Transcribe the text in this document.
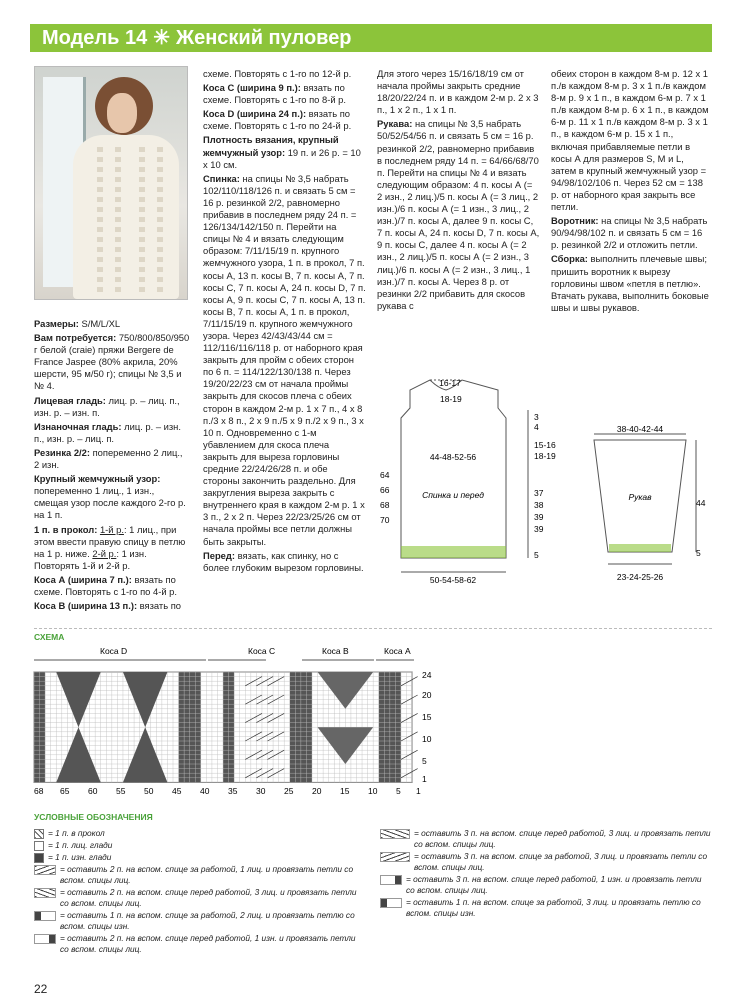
Модель 14 ✳ Женский пуловер

Размеры: S/M/L/XL

Вам потребуется: 750/800/850/950 г белой (craie) пряжи Bergere de France Jaspee (80% акрила, 20% шерсти, 95 м/50 г); спицы № 3,5 и № 4.

Лицевая гладь: лиц. р. – лиц. п., изн. р. – изн. п.

Изнаночная гладь: лиц. р. – изн. п., изн. р. – лиц. п.

Резинка 2/2: попеременно 2 лиц., 2 изн.

Крупный жемчужный узор: попеременно 1 лиц., 1 изн., смещая узор после каждого 2-го р. на 1 п.

1 п. в прокол: 1-й р.: 1 лиц., при этом ввести правую спицу в петлю на 1 р. ниже. 2-й р.: 1 изн. Повторять 1-й и 2-й р.

Коса А (ширина 7 п.): вязать по схеме. Повторять с 1-го по 4-й р.

Коса В (ширина 13 п.): вязать по

схеме. Повторять с 1-го по 12-й р.

Коса С (ширина 9 п.): вязать по схеме. Повторять с 1-го по 8-й р.

Коса D (ширина 24 п.): вязать по схеме. Повторять с 1-го по 24-й р.

Плотность вязания, крупный жемчужный узор: 19 п. и 26 р. = 10 х 10 см.

Спинка: на спицы № 3,5 набрать 102/110/118/126 п. и связать 5 см = 16 р. резинкой 2/2, равномерно прибавив в последнем ряду 24 п. = 126/134/142/150 п. Перейти на спицы № 4 и вязать следующим образом: 7/11/15/19 п. крупного жемчужного узора, 1 п. в прокол, 7 п. косы А, 13 п. косы В, 7 п. косы А, 7 п. косы С, 7 п. косы А, 24 п. косы D, 7 п. косы А, 9 п. косы С, 7 п. косы А, 13 п. косы В, 7 п. косы А, 1 п. в прокол, 7/11/15/19 п. крупного жемчужного узора. Через 42/43/43/44 см = 112/116/116/118 р. от наборного края закрыть для пройм с обеих сторон по 6 п. = 114/122/130/138 п. Через 19/20/22/23 см от начала проймы закрыть для скосов плеча с обеих сторон в каждом 2-м р. 1 х 7 п., 4 х 8 п./3 х 8 п., 2 х 9 п./5 х 9 п./2 х 9 п., 3 х 10 п. Одновременно с 1-м убавлением для скоса плеча закрыть для выреза горловины средние 22/24/26/28 п. и обе стороны закончить раздельно. Для закругления выреза закрыть с внутреннего края в каждом 2-м р. 1 х 3 п., 2 х 2 п. Через 22/23/25/26 см от начала проймы все петли должны быть закрыты.

Перед: вязать, как спинку, но с более глубоким вырезом горловины.

Для этого через 15/16/18/19 см от начала проймы закрыть средние 18/20/22/24 п. и в каждом 2-м р. 2 х 3 п., 1 х 2 п., 1 х 1 п.

Рукава: на спицы № 3,5 набрать 50/52/54/56 п. и связать 5 см = 16 р. резинкой 2/2, равномерно прибавив в последнем ряду 14 п. = 64/66/68/70 п. Перейти на спицы № 4 и вязать следующим образом: 4 п. косы А (= 2 изн., 2 лиц.)/5 п. косы А (= 3 лиц., 2 изн.)/6 п. косы А (= 1 изн., 3 лиц., 2 изн.)/7 п. косы А, далее 9 п. косы С, 7 п. косы А, 24 п. косы D, 7 п. косы А, 9 п. косы С, далее 4 п. косы А (= 2 изн., 2 лиц.)/5 п. косы А (= 2 изн., 3 лиц.)/6 п. косы А (= 2 изн., 3 лиц., 1 изн.)/7 п. косы А. Через 8 р. от резинки 2/2 прибавить для скосов рукава с

обеих сторон в каждом 8-м р. 12 х 1 п./в каждом 8-м р. 3 х 1 п./в каждом 8-м р. 9 х 1 п., в каждом 6-м р. 7 х 1 п./в каждом 8-м р. 6 х 1 п., в каждом 6-м р. 11 х 1 п./в каждом 8-м р. 3 х 1 п., в каждом 6-м р. 15 х 1 п., включая прибавляемые петли в косы А для размеров S, М и L, затем в крупный жемчужный узор = 94/98/102/106 п. Через 52 см = 138 р. от наборного края закрыть все петли.

Воротник: на спицы № 3,5 набрать 90/94/98/102 п. и связать 5 см = 16 р. резинкой 2/2 и отложить петли.

Сборка: выполнить плечевые швы; пришить воротник к вырезу горловины швом «петля в петлю». Втачать рукава, выполнить боковые швы и швы рукавов.

16-17
18-19
44-48-52-56
Спинка и перед
64
66
68
70
3
4
15-16
18-19
37
38
39
39
5
50-54-58-62
38-40-42-44
Рукав
44
5
23-24-25-26
СХЕМА
Коса D	Коса C	Коса B	Коса A
68 65 60 55 50 45 40 35 30 25 20 15 10 5 1
24
20
15
10
5
1
УСЛОВНЫЕ ОБОЗНАЧЕНИЯ
= 1 п. в прокол
= 1 п. лиц. глади
= 1 п. изн. глади
= оставить 2 п. на вспом. спице за работой, 1 лиц. и провязать петли со вспом. спицы лиц.
= оставить 2 п. на вспом. спице перед работой, 3 лиц. и провязать петли со вспом. спицы лиц.
= оставить 1 п. на вспом. спице за работой, 2 лиц. и провязать петлю со вспом. спицы изн.
= оставить 2 п. на вспом. спице перед работой, 1 изн. и провязать петли со вспом. спицы лиц.
= оставить 3 п. на вспом. спице перед работой, 3 лиц. и провязать петли со вспом. спицы лиц.
= оставить 3 п. на вспом. спице за работой, 3 лиц. и провязать петли со вспом. спицы лиц.
= оставить 3 п. на вспом. спице перед работой, 1 изн. и провязать петли со вспом. спицы лиц.
= оставить 1 п. на вспом. спице за работой, 3 лиц. и провязать петлю со вспом. спицы изн.
22
